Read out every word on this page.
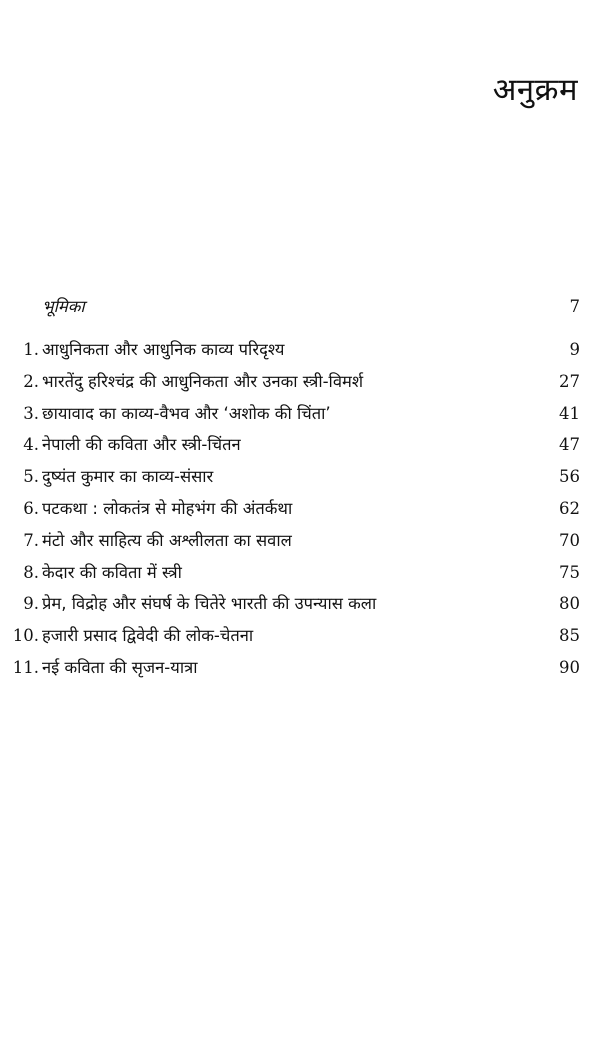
अनुक्रम
भूमिका	7
1. आधुनिकता और आधुनिक काव्य परिदृश्य	9
2. भारतेंदु हरिश्चंद्र की आधुनिकता और उनका स्त्री-विमर्श	27
3. छायावाद का काव्य-वैभव और ‘अशोक की चिंता’	41
4. नेपाली की कविता और स्त्री-चिंतन	47
5. दुष्यंत कुमार का काव्य-संसार	56
6. पटकथा : लोकतंत्र से मोहभंग की अंतर्कथा	62
7. मंटो और साहित्य की अश्लीलता का सवाल	70
8. केदार की कविता में स्त्री	75
9. प्रेम, विद्रोह और संघर्ष के चितेरे भारती की उपन्यास कला	80
10. हजारी प्रसाद द्विवेदी की लोक-चेतना	85
11. नई कविता की सृजन-यात्रा	90
